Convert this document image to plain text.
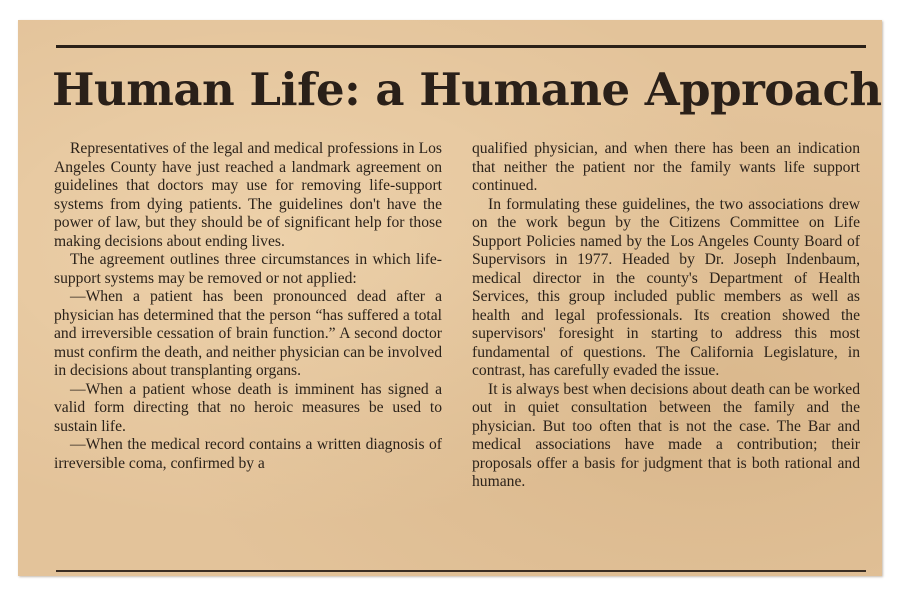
Human Life: a Humane Approach

Representatives of the legal and medical professions in Los Angeles County have just reached a landmark agreement on guidelines that doctors may use for removing life-support systems from dying patients. The guidelines don't have the power of law, but they should be of significant help for those making decisions about ending lives.

The agreement outlines three circumstances in which life-support systems may be removed or not applied:

—When a patient has been pronounced dead after a physician has determined that the person “has suffered a total and irreversible cessation of brain function.” A second doctor must confirm the death, and neither physician can be involved in decisions about transplanting organs.

—When a patient whose death is imminent has signed a valid form directing that no heroic measures be used to sustain life.

—When the medical record contains a written diagnosis of irreversible coma, confirmed by a

qualified physician, and when there has been an indication that neither the patient nor the family wants life support continued.

In formulating these guidelines, the two associations drew on the work begun by the Citizens Committee on Life Support Policies named by the Los Angeles County Board of Supervisors in 1977. Headed by Dr. Joseph Indenbaum, medical director in the county's Department of Health Services, this group included public members as well as health and legal professionals. Its creation showed the supervisors' foresight in starting to address this most fundamental of questions. The California Legislature, in contrast, has carefully evaded the issue.

It is always best when decisions about death can be worked out in quiet consultation between the family and the physician. But too often that is not the case. The Bar and medical associations have made a contribution; their proposals offer a basis for judgment that is both rational and humane.
